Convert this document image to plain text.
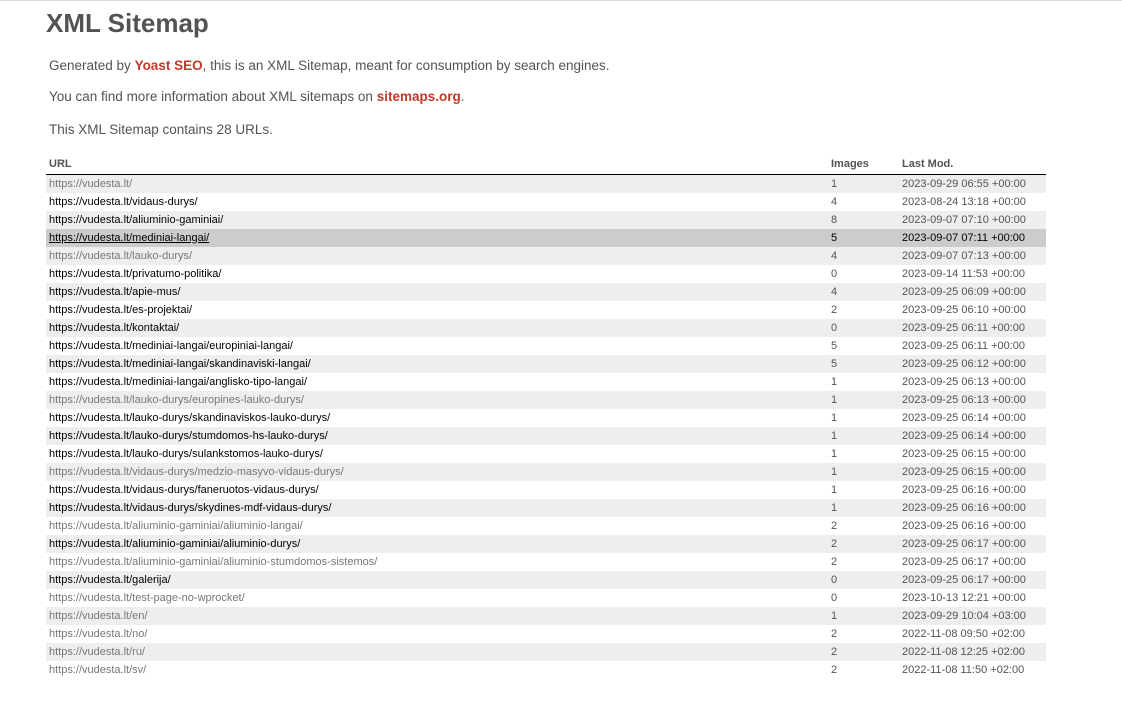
XML Sitemap

Generated by Yoast SEO, this is an XML Sitemap, meant for consumption by search engines.

You can find more information about XML sitemaps on sitemaps.org.

This XML Sitemap contains 28 URLs.

URL	Images	Last Mod.
https://vudesta.lt/	1	2023-09-29 06:55 +00:00
https://vudesta.lt/vidaus-durys/	4	2023-08-24 13:18 +00:00
https://vudesta.lt/aliuminio-gaminiai/	8	2023-09-07 07:10 +00:00
https://vudesta.lt/mediniai-langai/	5	2023-09-07 07:11 +00:00
https://vudesta.lt/lauko-durys/	4	2023-09-07 07:13 +00:00
https://vudesta.lt/privatumo-politika/	0	2023-09-14 11:53 +00:00
https://vudesta.lt/apie-mus/	4	2023-09-25 06:09 +00:00
https://vudesta.lt/es-projektai/	2	2023-09-25 06:10 +00:00
https://vudesta.lt/kontaktai/	0	2023-09-25 06:11 +00:00
https://vudesta.lt/mediniai-langai/europiniai-langai/	5	2023-09-25 06:11 +00:00
https://vudesta.lt/mediniai-langai/skandinaviski-langai/	5	2023-09-25 06:12 +00:00
https://vudesta.lt/mediniai-langai/anglisko-tipo-langai/	1	2023-09-25 06:13 +00:00
https://vudesta.lt/lauko-durys/europines-lauko-durys/	1	2023-09-25 06:13 +00:00
https://vudesta.lt/lauko-durys/skandinaviskos-lauko-durys/	1	2023-09-25 06:14 +00:00
https://vudesta.lt/lauko-durys/stumdomos-hs-lauko-durys/	1	2023-09-25 06:14 +00:00
https://vudesta.lt/lauko-durys/sulankstomos-lauko-durys/	1	2023-09-25 06:15 +00:00
https://vudesta.lt/vidaus-durys/medzio-masyvo-vidaus-durys/	1	2023-09-25 06:15 +00:00
https://vudesta.lt/vidaus-durys/faneruotos-vidaus-durys/	1	2023-09-25 06:16 +00:00
https://vudesta.lt/vidaus-durys/skydines-mdf-vidaus-durys/	1	2023-09-25 06:16 +00:00
https://vudesta.lt/aliuminio-gaminiai/aliuminio-langai/	2	2023-09-25 06:16 +00:00
https://vudesta.lt/aliuminio-gaminiai/aliuminio-durys/	2	2023-09-25 06:17 +00:00
https://vudesta.lt/aliuminio-gaminiai/aliuminio-stumdomos-sistemos/	2	2023-09-25 06:17 +00:00
https://vudesta.lt/galerija/	0	2023-09-25 06:17 +00:00
https://vudesta.lt/test-page-no-wprocket/	0	2023-10-13 12:21 +00:00
https://vudesta.lt/en/	1	2023-09-29 10:04 +03:00
https://vudesta.lt/no/	2	2022-11-08 09:50 +02:00
https://vudesta.lt/ru/	2	2022-11-08 12:25 +02:00
https://vudesta.lt/sv/	2	2022-11-08 11:50 +02:00
